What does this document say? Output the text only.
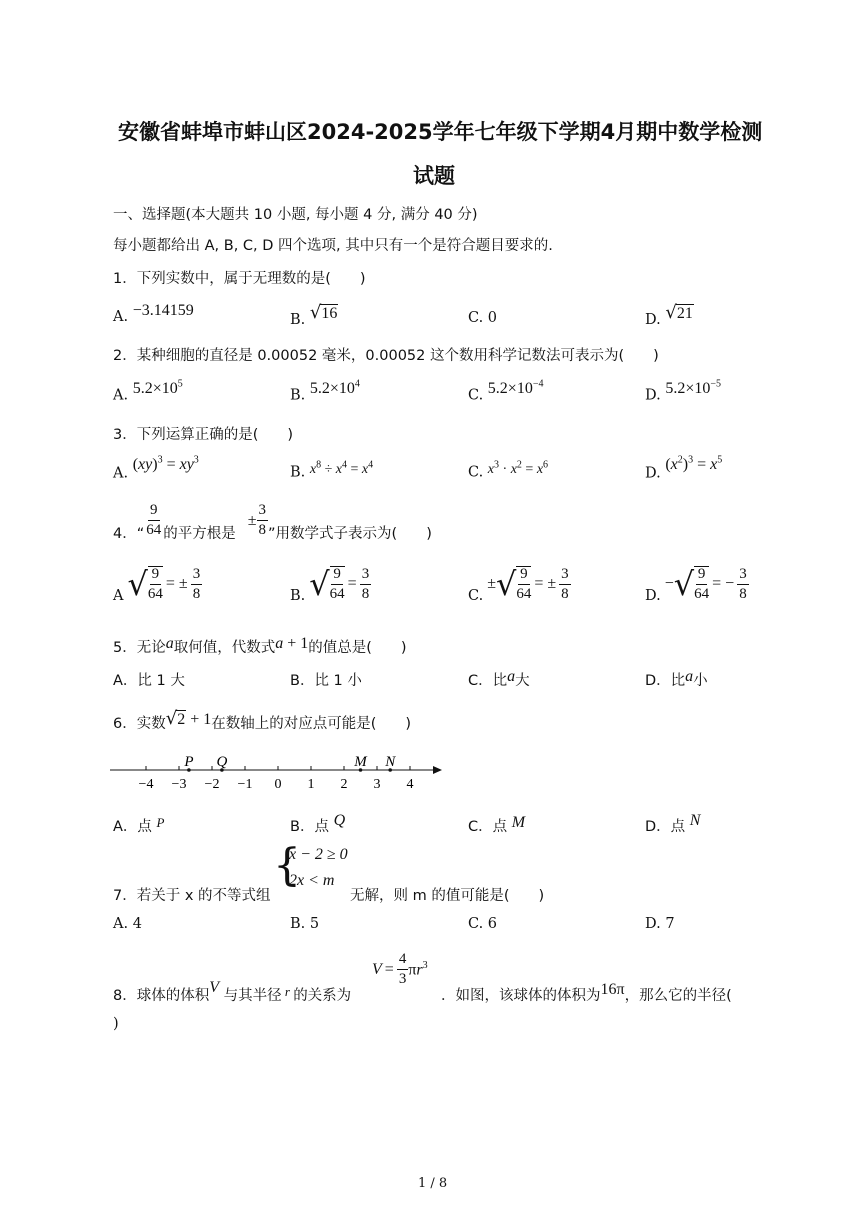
安徽省蚌埠市蚌山区2024-2025学年七年级下学期4月期中数学检测
试题
一、选择题(本大题共 10 小题, 每小题 4 分, 满分 40 分)
每小题都给出 A, B, C, D 四个选项, 其中只有一个是符合题目要求的.
1．下列实数中，属于无理数的是(　　)
A. −3.14159
B. √16	C. 0	D. √21
2．某种细胞的直径是 0.00052 毫米，0.00052 这个数用科学记数法可表示为(　　)
A. $5.2\times 10^5$
B. $5.2\times 10^4$
C. $5.2\times 10^{-4}$
D. $5.2\times 10^{-5}$
3．下列运算正确的是(　　)
A. $(xy)^3 = xy^3$
B. $x^8 \div x^4 = x^4$
C. $x^3 \cdot x^2 = x^6$
D. $(x^2)^3 = x^5$
4．“ $\frac{9}{64}$ 的平方根是
± $\frac{3}{8}$ ”用数学式子表示为(　　)
A √ $\frac{9}{64}$ = ± $\frac{3}{8}$	B. √ $\frac{9}{64} = \frac{3}{8}$	C.
± √ $\frac{9}{64}$ = ± $\frac{3}{8}$	D.
− √ $\frac{9}{64}$ = − $\frac{3}{8}$
5．无论a取何值，代数式a + 1的值总是(　　)
A．比 1 大	B．比 1 小	C．比a大	D．比a小
6．实数√2 + 1在数轴上的对应点可能是(　　)
−4 −3 −2 −1 0 1 2 3 4
P Q	M N
A．点 P	B．点 Q	C．点 M	D．点 N
7．若关于 x 的不等式组
{
x − 2 ≥ 0
2x < m
无解，则 m 的值可能是(　　)
A. 4	B. 5	C. 6	D. 7
8．球体的体积V 与其半径 r 的关系为
$V = \frac{4}{3} \pi r^3$
．如图，该球体的体积为16π，那么它的半径(
)
1 / 8
